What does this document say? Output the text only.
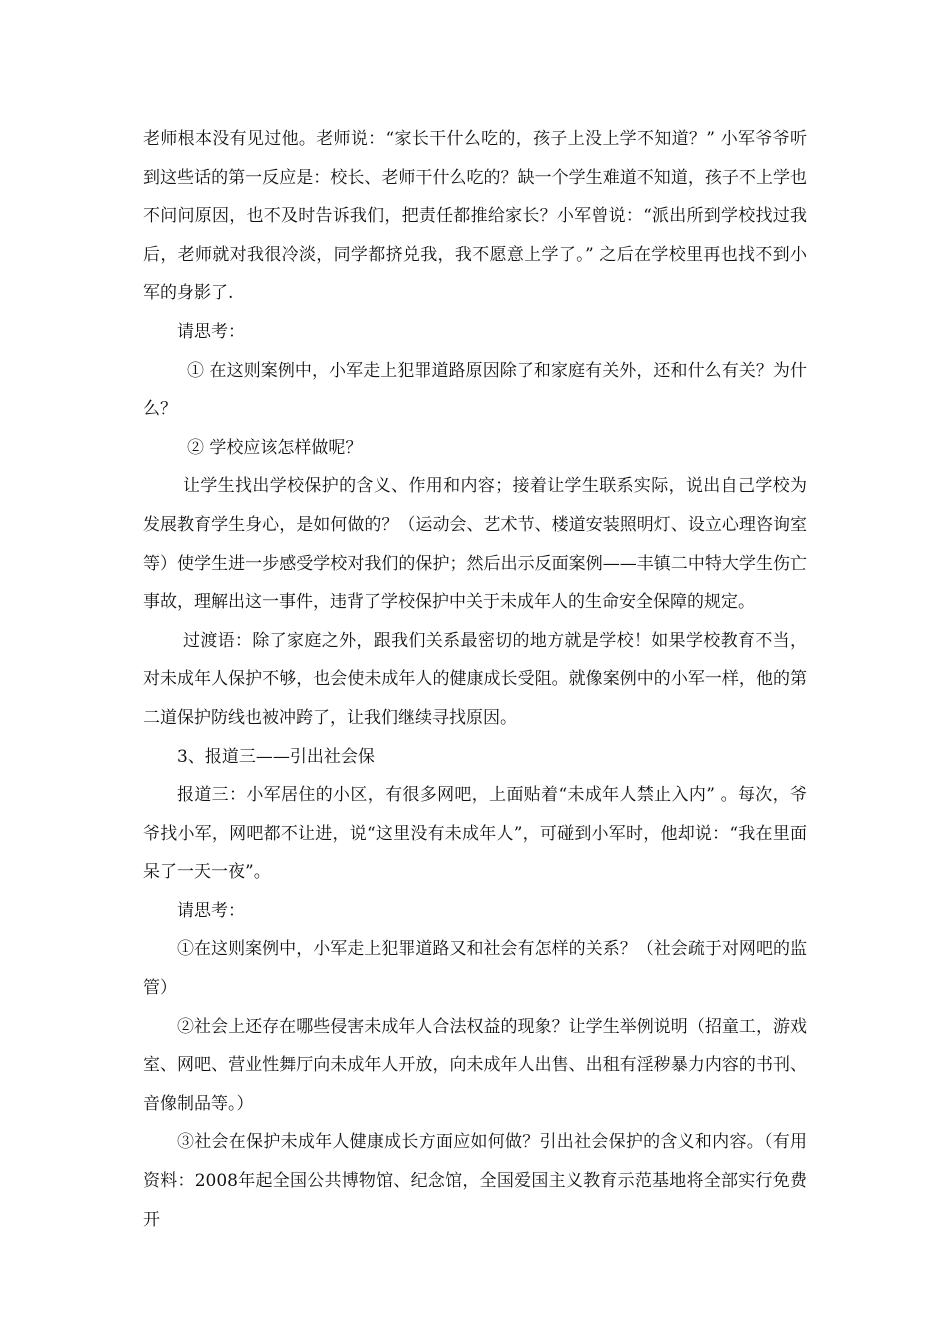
老师根本没有见过他。老师说：“家长干什么吃的，孩子上没上学不知道？” 小军爷爷听到这些话的第一反应是：校长、老师干什么吃的？缺一个学生难道不知道，孩子不上学也不问问原因，也不及时告诉我们，把责任都推给家长？小军曾说：“派出所到学校找过我后，老师就对我很冷淡，同学都挤兑我，我不愿意上学了。” 之后在学校里再也找不到小军的身影了.

请思考：

① 在这则案例中，小军走上犯罪道路原因除了和家庭有关外，还和什么有关？为什么？

② 学校应该怎样做呢？

让学生找出学校保护的含义、作用和内容；接着让学生联系实际，说出自己学校为发展教育学生身心，是如何做的？（运动会、艺术节、楼道安装照明灯、设立心理咨询室等）使学生进一步感受学校对我们的保护；然后出示反面案例——丰镇二中特大学生伤亡事故，理解出这一事件，违背了学校保护中关于未成年人的生命安全保障的规定。

过渡语：除了家庭之外，跟我们关系最密切的地方就是学校！如果学校教育不当，对未成年人保护不够，也会使未成年人的健康成长受阻。就像案例中的小军一样，他的第二道保护防线也被冲跨了，让我们继续寻找原因。

3、报道三——引出社会保

报道三：小军居住的小区，有很多网吧，上面贴着“未成年人禁止入内” 。每次，爷爷找小军，网吧都不让进，说“这里没有未成年人”，可碰到小军时，他却说：“我在里面呆了一天一夜”。

请思考：

①在这则案例中，小军走上犯罪道路又和社会有怎样的关系？（社会疏于对网吧的监管）

②社会上还存在哪些侵害未成年人合法权益的现象？让学生举例说明（招童工，游戏室、网吧、营业性舞厅向未成年人开放，向未成年人出售、出租有淫秽暴力内容的书刊、音像制品等。）

③社会在保护未成年人健康成长方面应如何做？引出社会保护的含义和内容。（有用资料：2008年起全国公共博物馆、纪念馆，全国爱国主义教育示范基地将全部实行免费开
